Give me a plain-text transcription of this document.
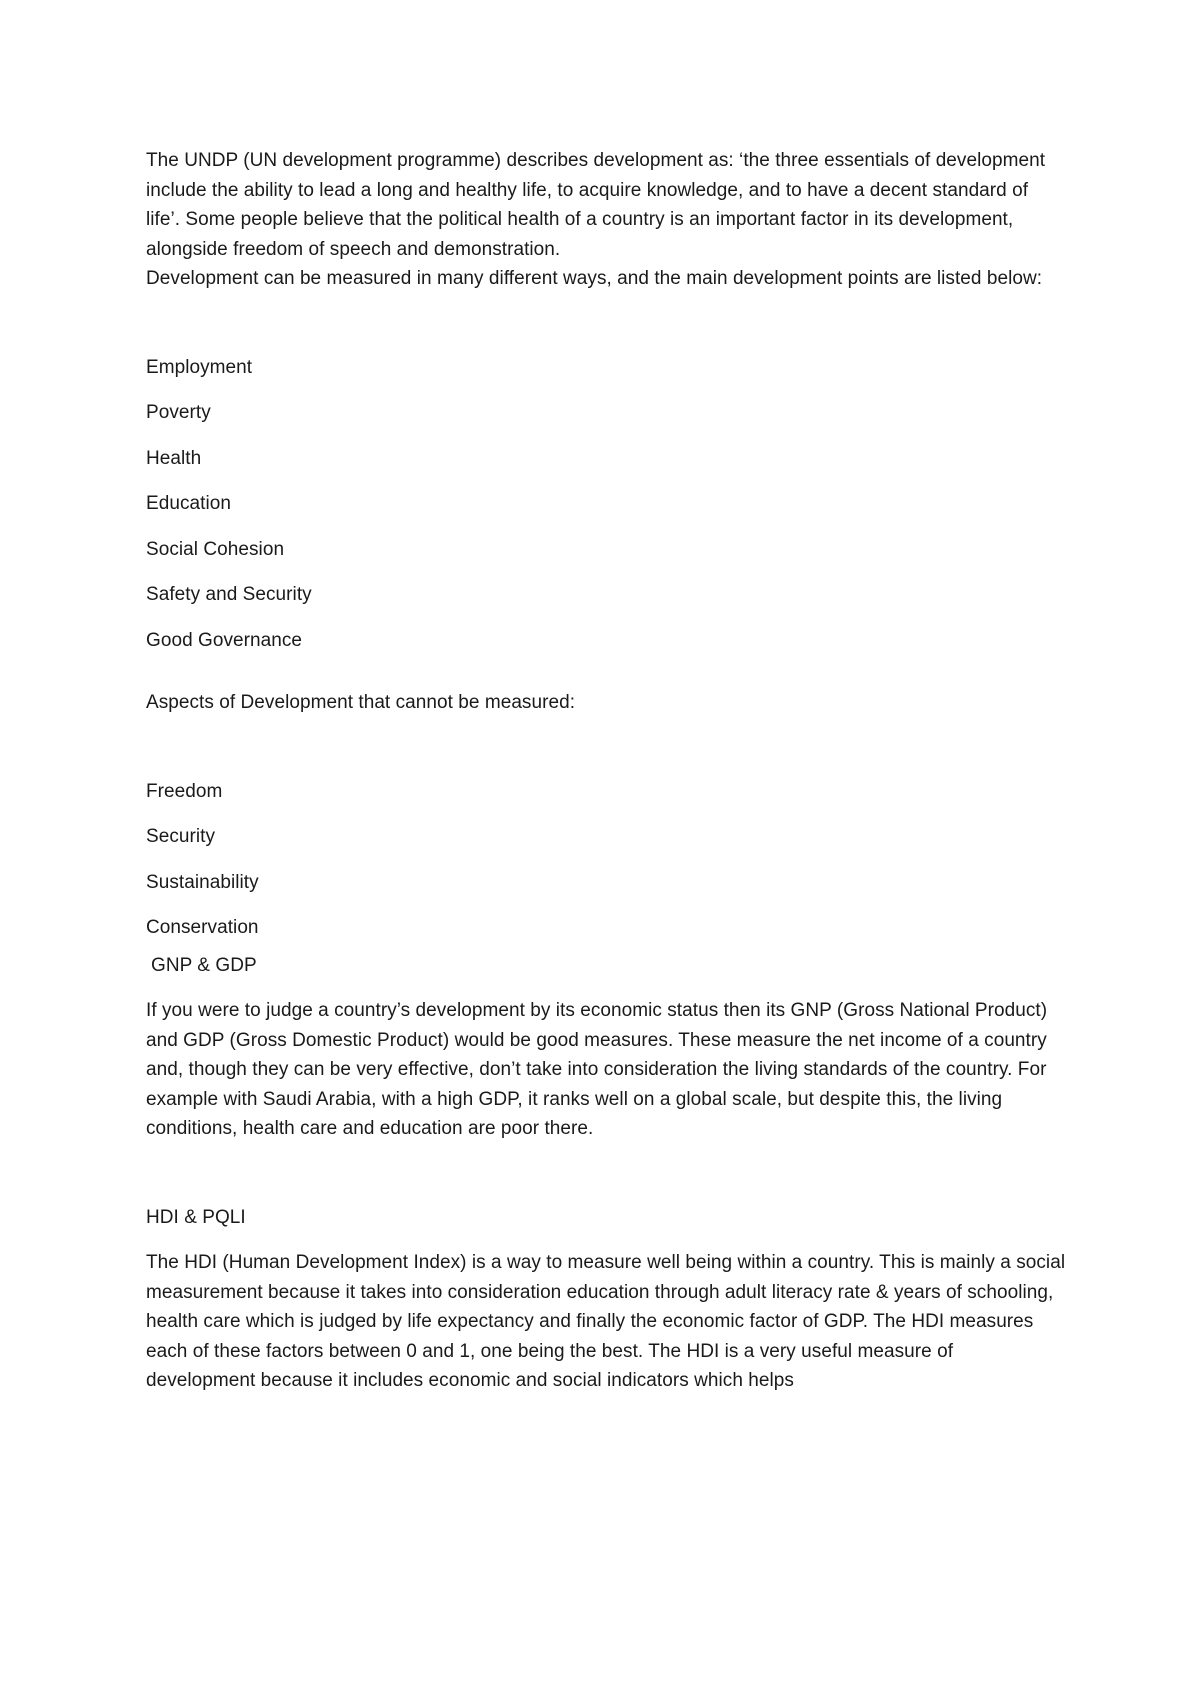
The UNDP (UN development programme) describes development as: ‘the three essentials of development include the ability to lead a long and healthy life, to acquire knowledge, and to have a decent standard of life’. Some people believe that the political health of a country is an important factor in its development, alongside freedom of speech and demonstration.

Development can be measured in many different ways, and the main development points are listed below:

Employment
Poverty
Health
Education
Social Cohesion
Safety and Security
Good Governance

Aspects of Development that cannot be measured:

Freedom
Security
Sustainability
Conservation

GNP & GDP

If you were to judge a country’s development by its economic status then its GNP (Gross National Product) and GDP (Gross Domestic Product) would be good measures. These measure the net income of a country and, though they can be very effective, don’t take into consideration the living standards of the country. For example with Saudi Arabia, with a high GDP, it ranks well on a global scale, but despite this, the living conditions, health care and education are poor there.

HDI & PQLI

The HDI (Human Development Index) is a way to measure well being within a country. This is mainly a social measurement because it takes into consideration education through adult literacy rate & years of schooling, health care which is judged by life expectancy and finally the economic factor of GDP. The HDI measures each of these factors between 0 and 1, one being the best. The HDI is a very useful measure of development because it includes economic and social indicators which helps
